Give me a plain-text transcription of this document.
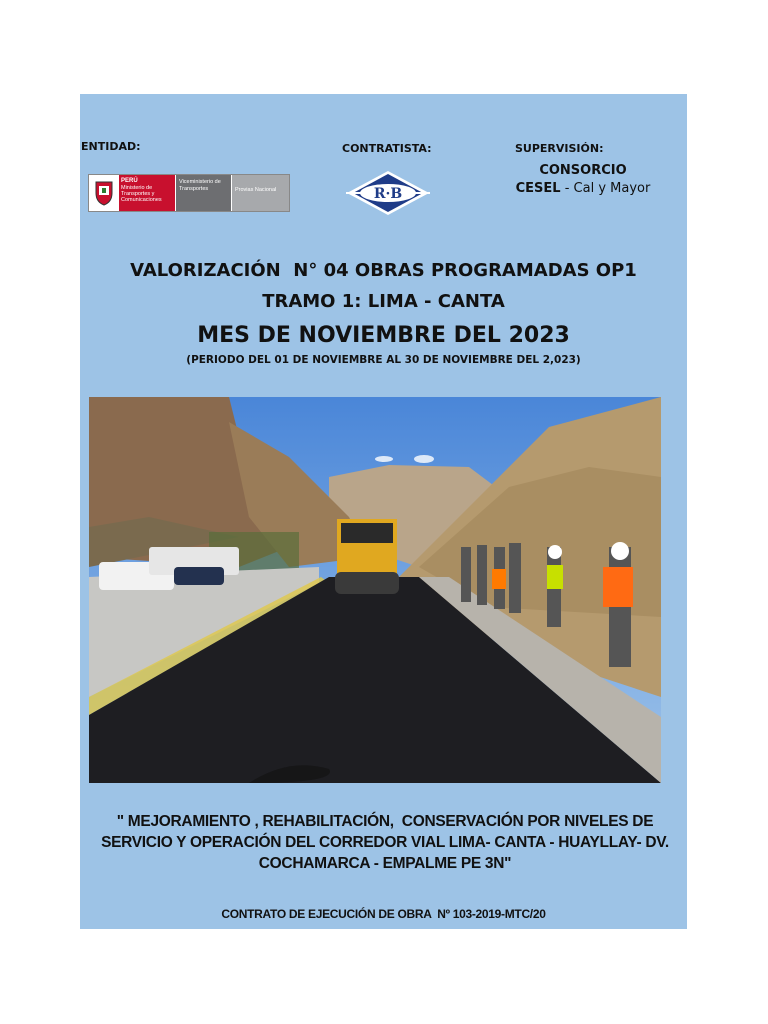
ENTIDAD:	CONTRATISTA:	SUPERVISIÓN:
PERÚ
Ministerio de Transportes y Comunicaciones
Viceministerio de Transportes	Provias Nacional	R·B
CONSORCIO
CESEL - Cal y Mayor
VALORIZACIÓN  N° 04 OBRAS PROGRAMADAS OP1
TRAMO 1: LIMA - CANTA
MES DE NOVIEMBRE DEL 2023
(PERIODO DEL 01 DE NOVIEMBRE AL 30 DE NOVIEMBRE DEL 2,023)
" MEJORAMIENTO , REHABILITACIÓN,  CONSERVACIÓN POR NIVELES DE
SERVICIO Y OPERACIÓN DEL CORREDOR VIAL LIMA- CANTA - HUAYLLAY- DV.
COCHAMARCA - EMPALME PE 3N"
CONTRATO DE EJECUCIÓN DE OBRA  Nº 103-2019-MTC/20
